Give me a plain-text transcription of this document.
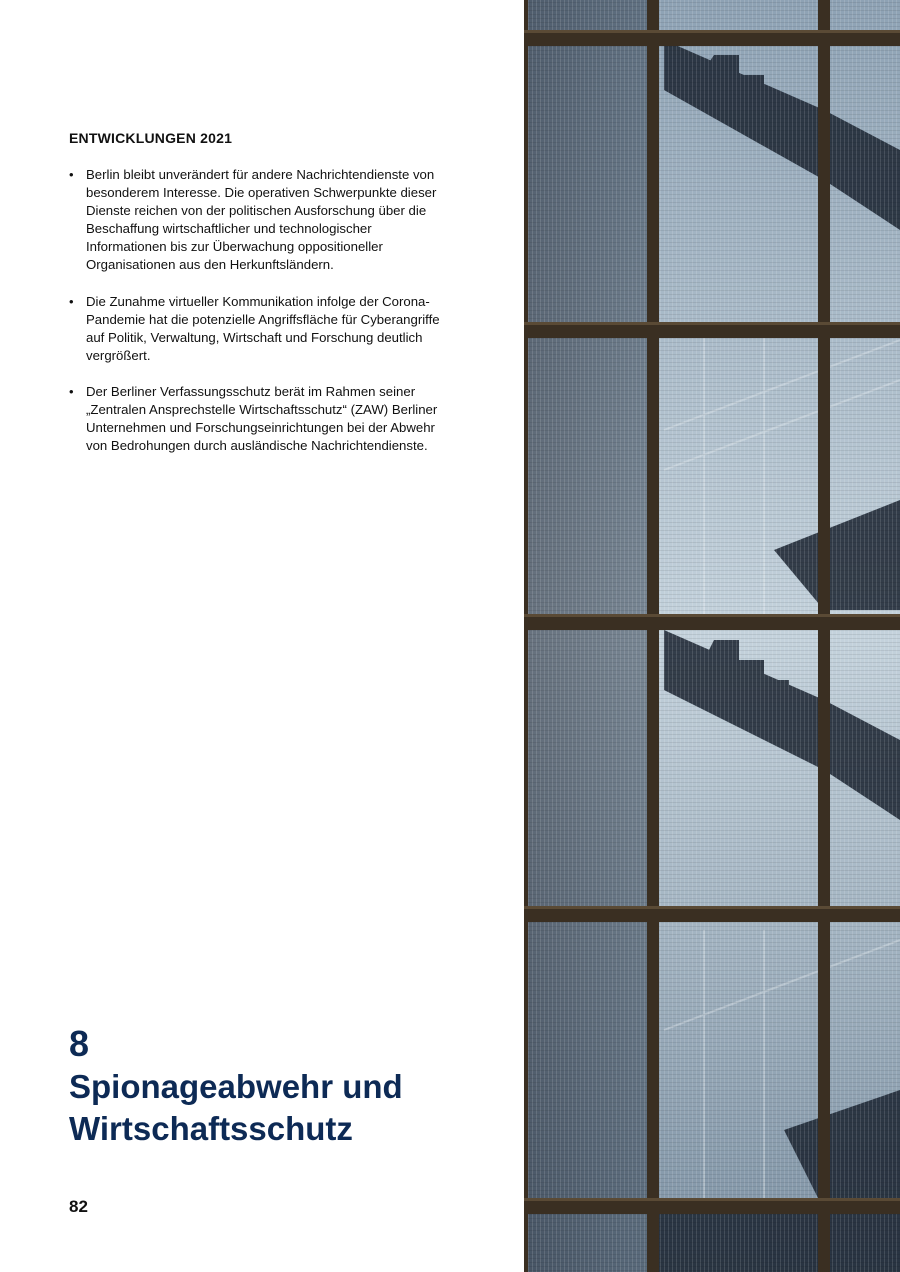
ENTWICKLUNGEN 2021
• Berlin bleibt unverändert für andere Nachrichtendienste von besonderem Interesse. Die operativen Schwerpunkte dieser Dienste reichen von der politischen Ausforschung über die Beschaffung wirtschaftlicher und technologischer Informationen bis zur Überwachung oppositioneller Organisationen aus den Herkunftsländern.
• Die Zunahme virtueller Kommunikation infolge der Corona-Pandemie hat die potenzielle Angriffsfläche für Cyberangriffe auf Politik, Verwaltung, Wirtschaft und Forschung deutlich vergrößert.
• Der Berliner Verfassungsschutz berät im Rahmen seiner „Zentralen Ansprechstelle Wirtschaftsschutz“ (ZAW) Berliner Unternehmen und Forschungseinrichtungen bei der Abwehr von Bedrohungen durch ausländische Nachrichtendienste.
8
Spionageabwehr und Wirtschaftsschutz
82
